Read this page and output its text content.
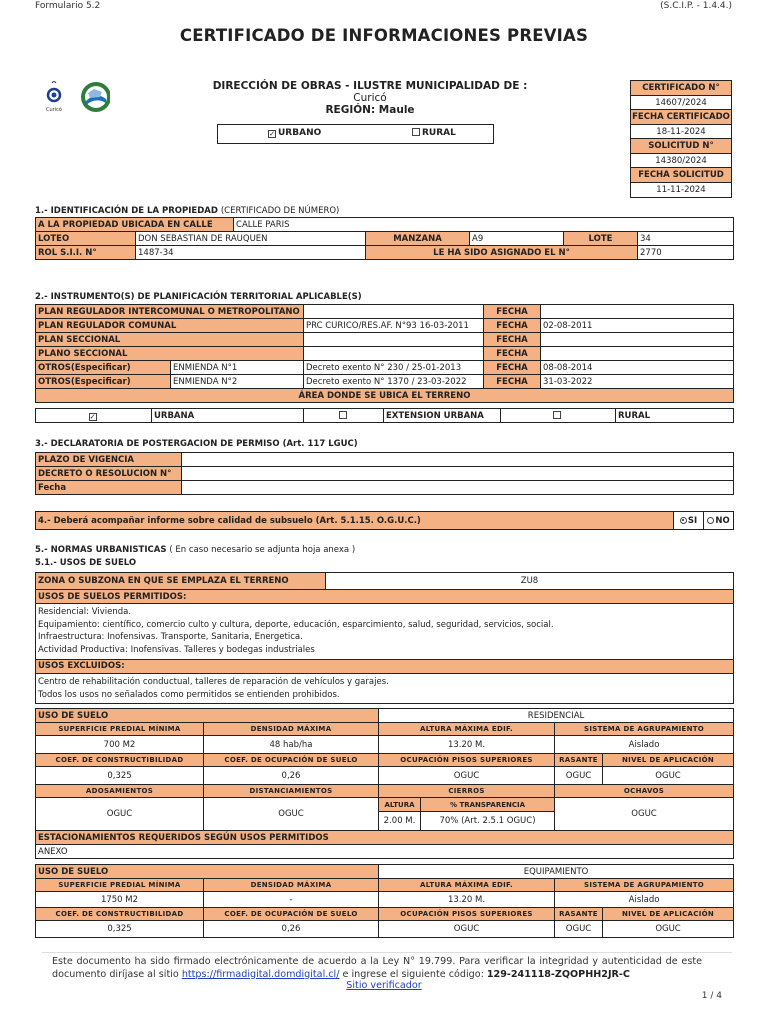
Formulario 5.2	(S.C.I.P. - 1.4.4.)
CERTIFICADO DE INFORMACIONES PREVIAS
Curicó
DIRECCIÓN DE OBRAS - ILUSTRE MUNICIPALIDAD DE :
Curicó
REGIÓN: Maule
✓ URBANO	RURAL
CERTIFICADO N°
14607/2024
FECHA CERTIFICADO
18-11-2024
SOLICITUD N°
14380/2024
FECHA SOLICITUD
11-11-2024
1.- IDENTIFICACIÓN DE LA PROPIEDAD (CERTIFICADO DE NÚMERO)
A LA PROPIEDAD UBICADA EN CALLE		CALLE PARIS				
LOTEO	DON SEBASTIAN DE RAUQUEN		MANZANA	A9	LOTE	34
ROL S.I.I. N°	1487-34		LE HA SIDO ASIGNADO EL N°			2770
2.- INSTRUMENTO(S) DE PLANIFICACIÓN TERRITORIAL APLICABLE(S)
PLAN REGULADOR INTERCOMUNAL O METROPOLITANO			FECHA	
PLAN REGULADOR COMUNAL		PRC CURICO/RES.AF. N°93 16-03-2011	FECHA	02-08-2011
PLAN SECCIONAL			FECHA	
PLANO SECCIONAL			FECHA	
OTROS(Especificar)	ENMIENDA N°1	Decreto exento N° 230 / 25-01-2013	FECHA	08-08-2014
OTROS(Especificar)	ENMIENDA N°2	Decreto exento N° 1370 / 23-03-2022	FECHA	31-03-2022
ÁREA DONDE SE UBICA EL TERRENO				
✓	URBANA		EXTENSION URBANA		RURAL
3.- DECLARATORIA DE POSTERGACION DE PERMISO (Art. 117 LGUC)
PLAZO DE VIGENCIA	
DECRETO O RESOLUCION N°	
Fecha	
4.- Deberá acompañar informe sobre calidad de subsuelo (Art. 5.1.15. O.G.U.C.)	SI	NO
5.- NORMAS URBANISTICAS ( En caso necesario se adjunta hoja anexa )
5.1.- USOS DE SUELO
ZONA O SUBZONA EN QUE SE EMPLAZA EL TERRENO	ZU8
USOS DE SUELOS PERMITIDOS:

Residencial: Vivienda.
Equipamiento: científico, comercio culto y cultura, deporte, educación, esparcimiento, salud, seguridad, servicios, social.
Infraestructura: Inofensivas. Transporte, Sanitaria, Energetica.
Actividad Productiva: Inofensivas. Talleres y bodegas industriales

USOS EXCLUIDOS:

Centro de rehabilitación conductual, talleres de reparación de vehículos y garajes.
Todos los usos no señalados como permitidos se entienden prohibidos.
USO DE SUELO		RESIDENCIAL			
SUPERFICIE PREDIAL MÍNIMA	DENSIDAD MÁXIMA	ALTURA MÁXIMA EDIF.		SISTEMA DE AGRUPAMIENTO	
700 M2	48 hab/ha	13.20 M.		Aislado	
COEF. DE CONSTRUCTIBILIDAD	COEF. DE OCUPACIÓN DE SUELO	OCUPACIÓN PISOS SUPERIORES		RASANTE	NIVEL DE APLICACIÓN
0,325	0,26	OGUC		OGUC	OGUC
ADOSAMIENTOS	DISTANCIAMIENTOS	CIERROS		OCHAVOS	
OGUC	OGUC	ALTURA	% TRANSPARENCIA	OGUC	
		2.00 M.	70% (Art. 2.5.1 OGUC)		
ESTACIONAMIENTOS REQUERIDOS SEGÚN USOS PERMITIDOS					
ANEXO					
USO DE SUELO		EQUIPAMIENTO		
SUPERFICIE PREDIAL MÍNIMA	DENSIDAD MÁXIMA	ALTURA MÁXIMA EDIF.	SISTEMA DE AGRUPAMIENTO	
1750 M2	-	13.20 M.	Aislado	
COEF. DE CONSTRUCTIBILIDAD	COEF. DE OCUPACIÓN DE SUELO	OCUPACIÓN PISOS SUPERIORES	RASANTE	NIVEL DE APLICACIÓN
0,325	0,26	OGUC	OGUC	OGUC
Este documento ha sido firmado electrónicamente de acuerdo a la Ley N° 19.799. Para verificar la integridad y autenticidad de este documento diríjase al sitio https://firmadigital.domdigital.cl/ e ingrese el siguiente código: 129-241118-ZQOPHH2JR-C
Sitio verificador
1 / 4
